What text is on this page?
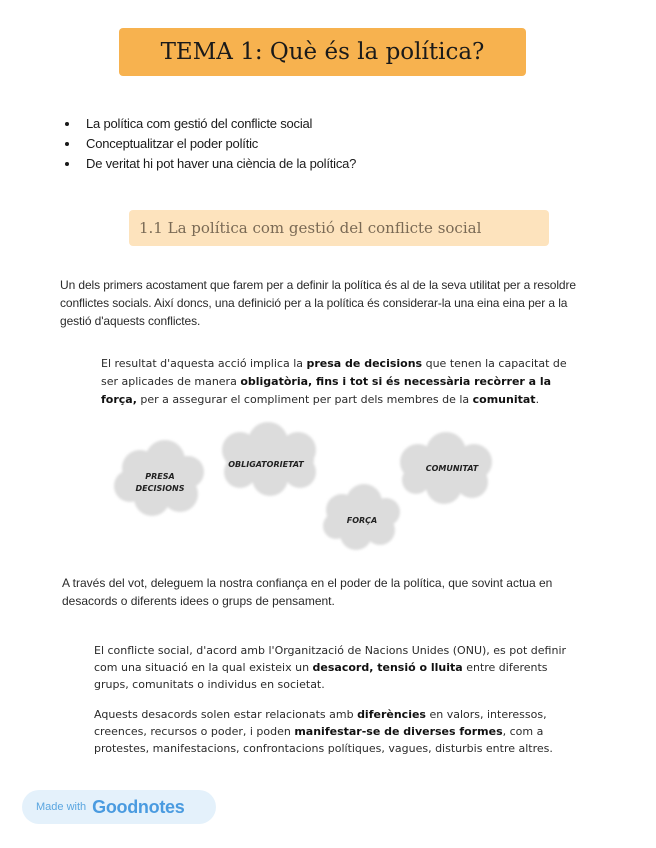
TEMA 1: Què és la política?
• La política com gestió del conflicte social
• Conceptualitzar el poder polític
• De veritat hi pot haver una ciència de la política?
1.1 La política com gestió del conflicte social
Un dels primers acostament que farem per a definir la política és al de la seva utilitat per a resoldre conflictes socials. Així doncs, una definició per a la política és considerar-la una eina eina per a la gestió d'aquests conflictes.
El resultat d'aquesta acció implica la presa de decisions que tenen la capacitat de ser aplicades de manera obligatòria, fins i tot si és necessària recòrrer a la força, per a assegurar el compliment per part dels membres de la comunitat.
PRESA
DECISIONS
OBLIGATORIETAT	COMUNITAT
FORÇA
A través del vot, deleguem la nostra confiança en el poder de la política, que sovint actua en desacords o diferents idees o grups de pensament.
El conflicte social, d'acord amb l'Organització de Nacions Unides (ONU), es pot definir com una situació en la qual existeix un desacord, tensió o lluita entre diferents grups, comunitats o individus en societat.
Aquests desacords solen estar relacionats amb diferències en valors, interessos, creences, recursos o poder, i poden manifestar-se de diverses formes, com a protestes, manifestacions, confrontacions polítiques, vagues, disturbis entre altres.
Made with Goodnotes
